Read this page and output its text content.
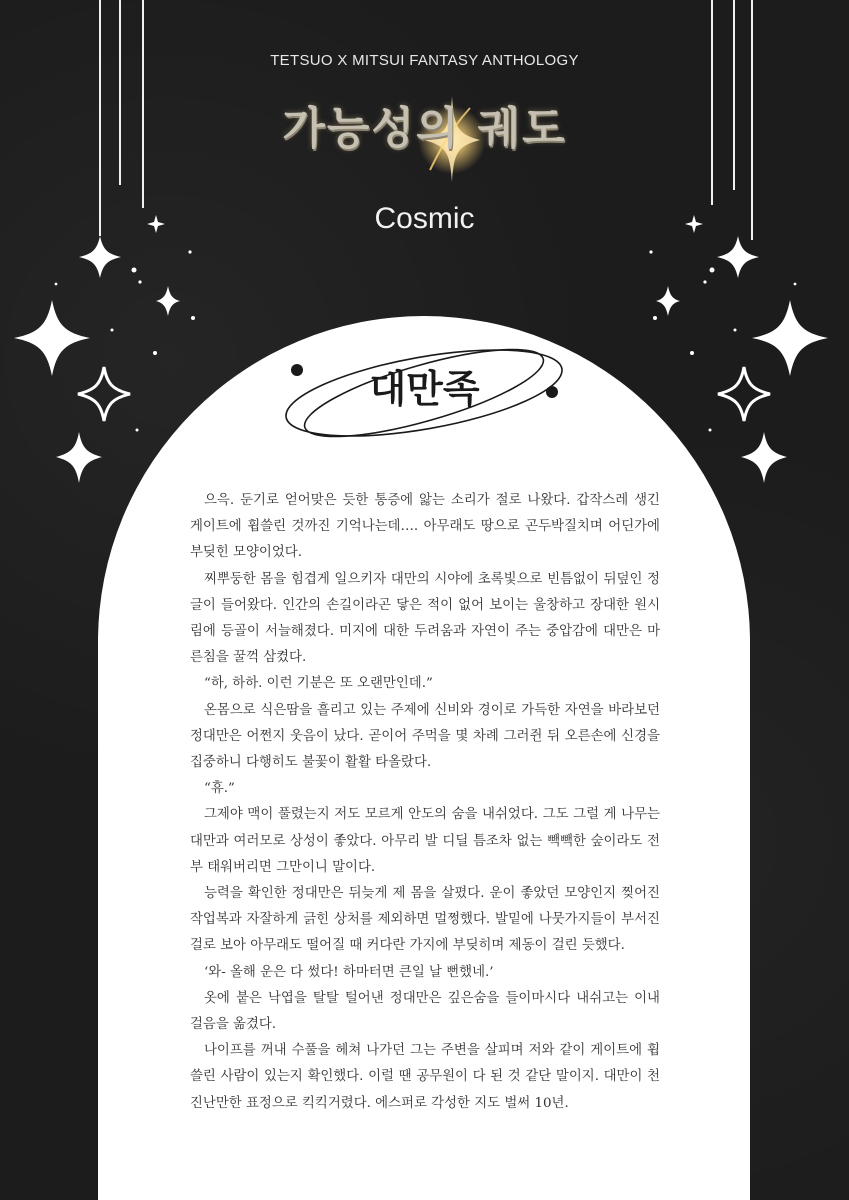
TETSUO X MITSUI FANTASY ANTHOLOGY
가능성의 궤도
Cosmic
대만족

으윽. 둔기로 얻어맞은 듯한 통증에 앓는 소리가 절로 나왔다. 갑작스레 생긴 게이트에 휩쓸린 것까진 기억나는데…. 아무래도 땅으로 곤두박질치며 어딘가에 부딪힌 모양이었다.

찌뿌둥한 몸을 힘겹게 일으키자 대만의 시야에 초록빛으로 빈틈없이 뒤덮인 정글이 들어왔다. 인간의 손길이라곤 닿은 적이 없어 보이는 울창하고 장대한 원시림에 등골이 서늘해졌다. 미지에 대한 두려움과 자연이 주는 중압감에 대만은 마른침을 꿀꺽 삼켰다.

“하, 하하. 이런 기분은 또 오랜만인데.”

온몸으로 식은땀을 흘리고 있는 주제에 신비와 경이로 가득한 자연을 바라보던 정대만은 어쩐지 웃음이 났다. 곧이어 주먹을 몇 차례 그러쥔 뒤 오른손에 신경을 집중하니 다행히도 불꽃이 활활 타올랐다.

“휴.”

그제야 맥이 풀렸는지 저도 모르게 안도의 숨을 내쉬었다. 그도 그럴 게 나무는 대만과 여러모로 상성이 좋았다. 아무리 발 디딜 틈조차 없는 빽빽한 숲이라도 전부 태워버리면 그만이니 말이다.

능력을 확인한 정대만은 뒤늦게 제 몸을 살폈다. 운이 좋았던 모양인지 찢어진 작업복과 자잘하게 긁힌 상처를 제외하면 멀쩡했다. 발밑에 나뭇가지들이 부서진 걸로 보아 아무래도 떨어질 때 커다란 가지에 부딪히며 제동이 걸린 듯했다.

‘와- 올해 운은 다 썼다! 하마터면 큰일 날 뻔했네.’

옷에 붙은 낙엽을 탈탈 털어낸 정대만은 깊은숨을 들이마시다 내쉬고는 이내 걸음을 옮겼다.

나이프를 꺼내 수풀을 헤쳐 나가던 그는 주변을 살피며 저와 같이 게이트에 휩쓸린 사람이 있는지 확인했다. 이럴 땐 공무원이 다 된 것 같단 말이지. 대만이 천진난만한 표정으로 킥킥거렸다. 에스퍼로 각성한 지도 벌써 10년.
